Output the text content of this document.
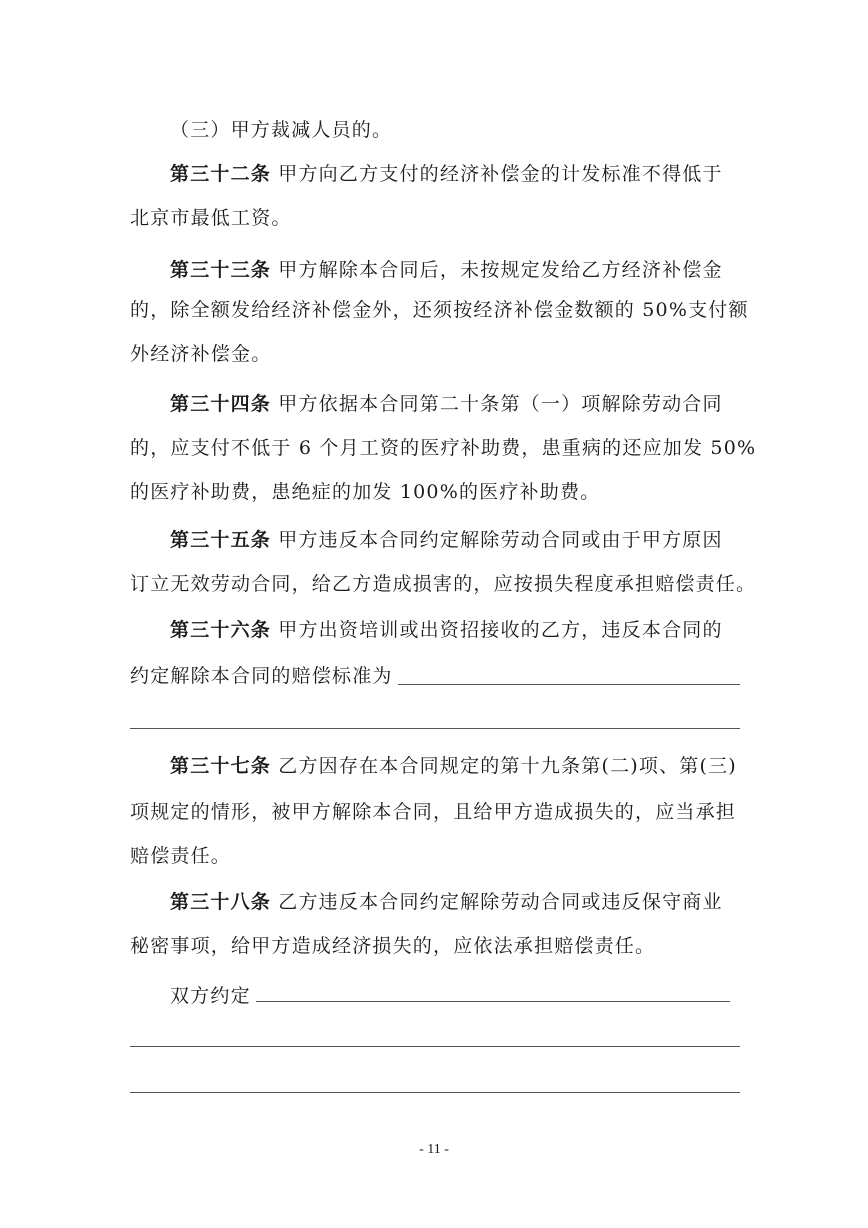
（三）甲方裁减人员的。
第三十二条 甲方向乙方支付的经济补偿金的计发标准不得低于
北京市最低工资。
第三十三条 甲方解除本合同后，未按规定发给乙方经济补偿金
的，除全额发给经济补偿金外，还须按经济补偿金数额的 50%支付额
外经济补偿金。
第三十四条 甲方依据本合同第二十条第（一）项解除劳动合同
的，应支付不低于 6 个月工资的医疗补助费，患重病的还应加发 50%
的医疗补助费，患绝症的加发 100%的医疗补助费。
第三十五条 甲方违反本合同约定解除劳动合同或由于甲方原因
订立无效劳动合同，给乙方造成损害的，应按损失程度承担赔偿责任。
第三十六条 甲方出资培训或出资招接收的乙方，违反本合同的
约定解除本合同的赔偿标准为
第三十七条 乙方因存在本合同规定的第十九条第(二)项、第(三)
项规定的情形，被甲方解除本合同，且给甲方造成损失的，应当承担
赔偿责任。
第三十八条 乙方违反本合同约定解除劳动合同或违反保守商业
秘密事项，给甲方造成经济损失的，应依法承担赔偿责任。
双方约定
- 11 -
